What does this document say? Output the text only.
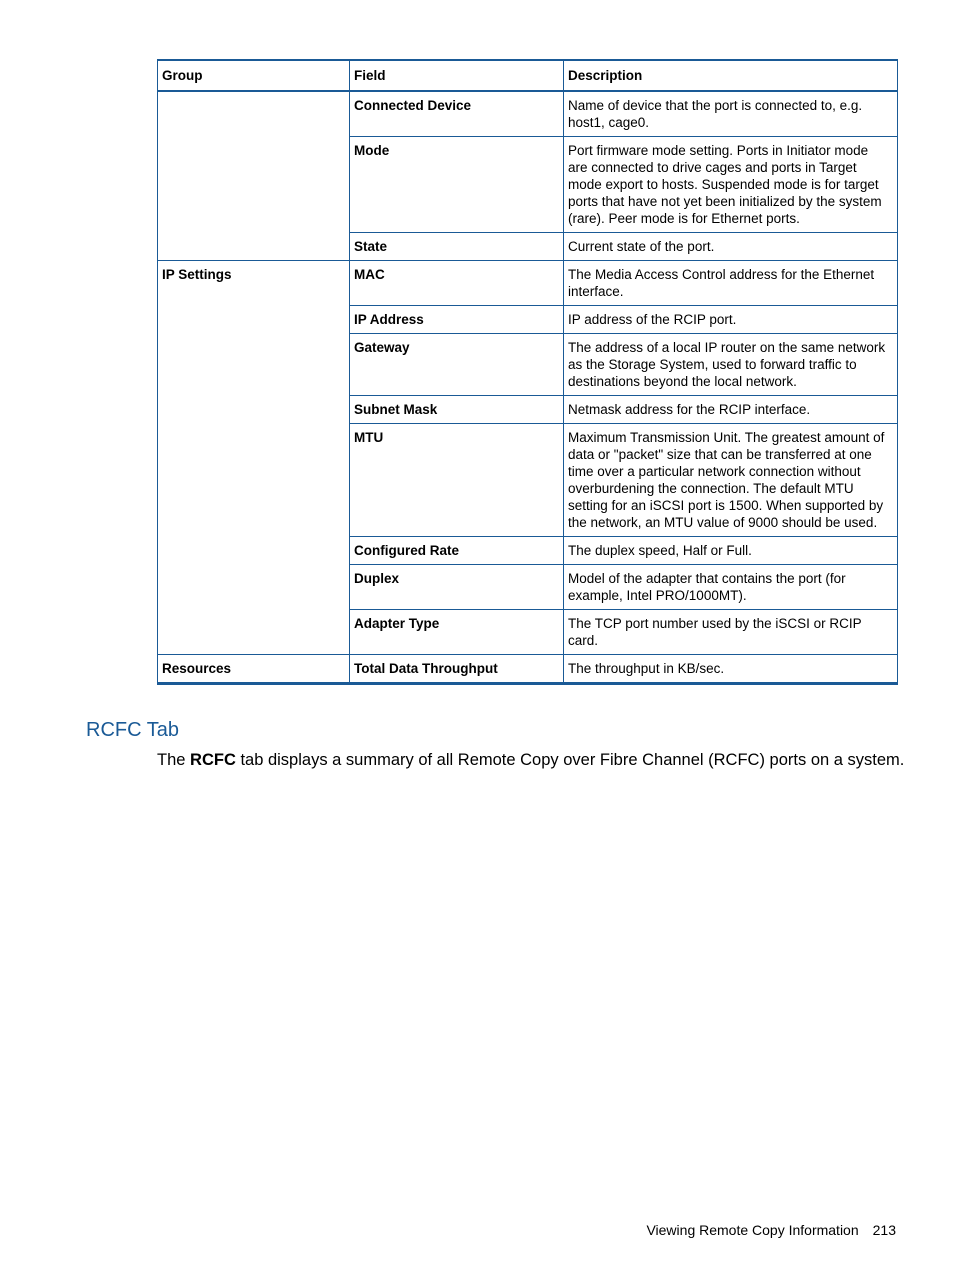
Group	Field	Description
	Connected Device	Name of device that the port is connected to, e.g. host1, cage0.
	Mode	Port firmware mode setting. Ports in Initiator mode are connected to drive cages and ports in Target mode export to hosts. Suspended mode is for target ports that have not yet been initialized by the system (rare). Peer mode is for Ethernet ports.
	State	Current state of the port.
IP Settings	MAC	The Media Access Control address for the Ethernet interface.
	IP Address	IP address of the RCIP port.
	Gateway	The address of a local IP router on the same network as the Storage System, used to forward traffic to destinations beyond the local network.
	Subnet Mask	Netmask address for the RCIP interface.
	MTU	Maximum Transmission Unit. The greatest amount of data or "packet" size that can be transferred at one time over a particular network connection without overburdening the connection. The default MTU setting for an iSCSI port is 1500. When supported by the network, an MTU value of 9000 should be used.
	Configured Rate	The duplex speed, Half or Full.
	Duplex	Model of the adapter that contains the port (for example, Intel PRO/1000MT).
	Adapter Type	The TCP port number used by the iSCSI or RCIP card.
Resources	Total Data Throughput	The throughput in KB/sec.
RCFC Tab

The RCFC tab displays a summary of all Remote Copy over Fibre Channel (RCFC) ports on a system.

Viewing Remote Copy Information 213
